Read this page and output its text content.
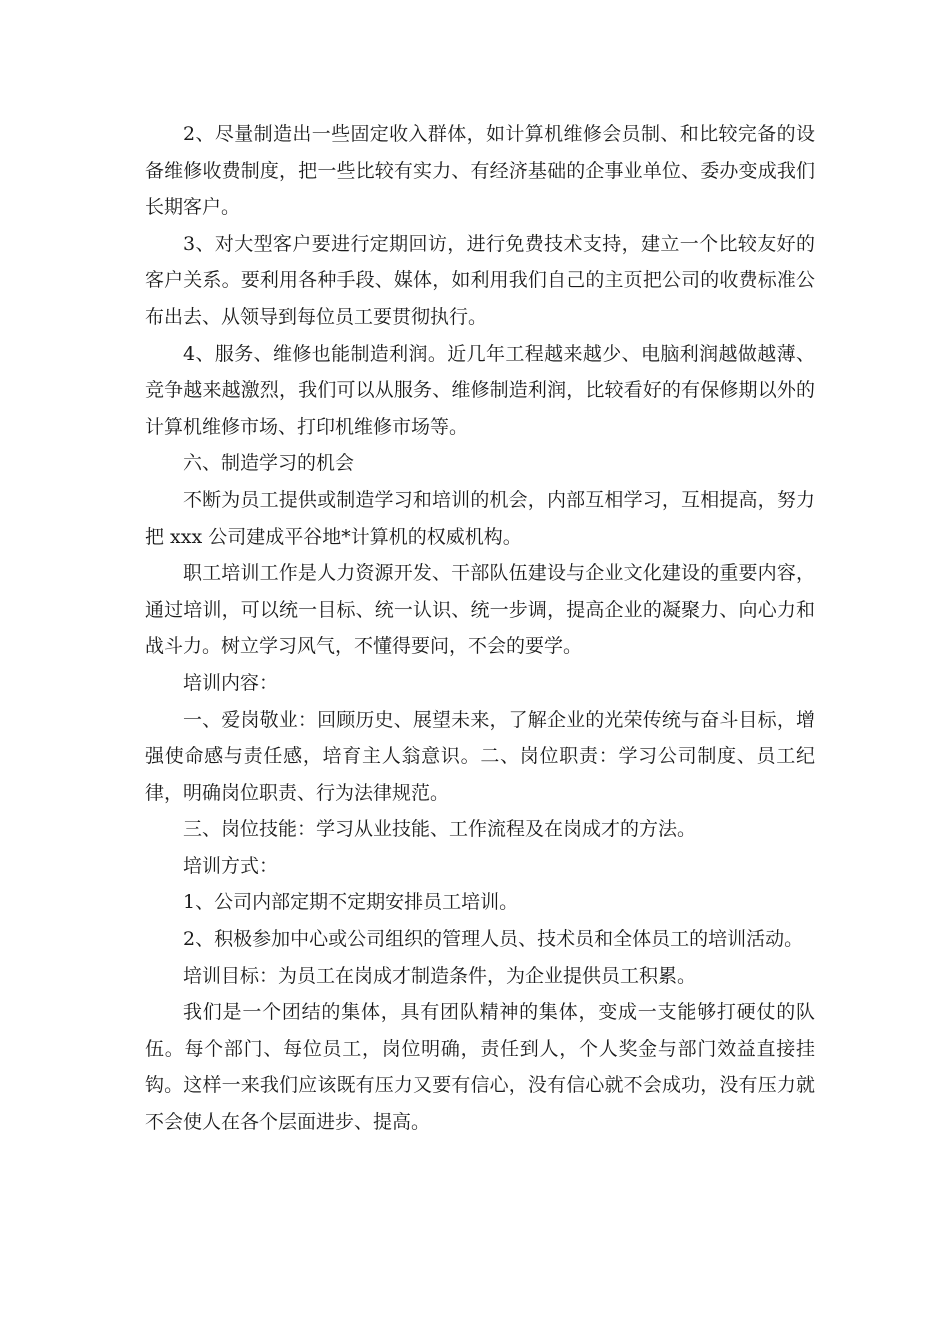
2、尽量制造出一些固定收入群体，如计算机维修会员制、和比较完备的设备维修收费制度，把一些比较有实力、有经济基础的企事业单位、委办变成我们长期客户。

3、对大型客户要进行定期回访，进行免费技术支持，建立一个比较友好的客户关系。要利用各种手段、媒体，如利用我们自己的主页把公司的收费标准公布出去、从领导到每位员工要贯彻执行。

4、服务、维修也能制造利润。近几年工程越来越少、电脑利润越做越薄、竞争越来越激烈，我们可以从服务、维修制造利润，比较看好的有保修期以外的计算机维修市场、打印机维修市场等。

六、制造学习的机会

不断为员工提供或制造学习和培训的机会，内部互相学习，互相提高，努力把 xxx 公司建成平谷地*计算机的权威机构。

职工培训工作是人力资源开发、干部队伍建设与企业文化建设的重要内容，通过培训，可以统一目标、统一认识、统一步调，提高企业的凝聚力、向心力和战斗力。树立学习风气，不懂得要问，不会的要学。

培训内容：

一、爱岗敬业：回顾历史、展望未来，了解企业的光荣传统与奋斗目标，增强使命感与责任感，培育主人翁意识。二、岗位职责：学习公司制度、员工纪律，明确岗位职责、行为法律规范。

三、岗位技能：学习从业技能、工作流程及在岗成才的方法。

培训方式：

1、公司内部定期不定期安排员工培训。

2、积极参加中心或公司组织的管理人员、技术员和全体员工的培训活动。

培训目标：为员工在岗成才制造条件，为企业提供员工积累。

我们是一个团结的集体，具有团队精神的集体，变成一支能够打硬仗的队伍。每个部门、每位员工，岗位明确，责任到人，个人奖金与部门效益直接挂钩。这样一来我们应该既有压力又要有信心，没有信心就不会成功，没有压力就不会使人在各个层面进步、提高。
